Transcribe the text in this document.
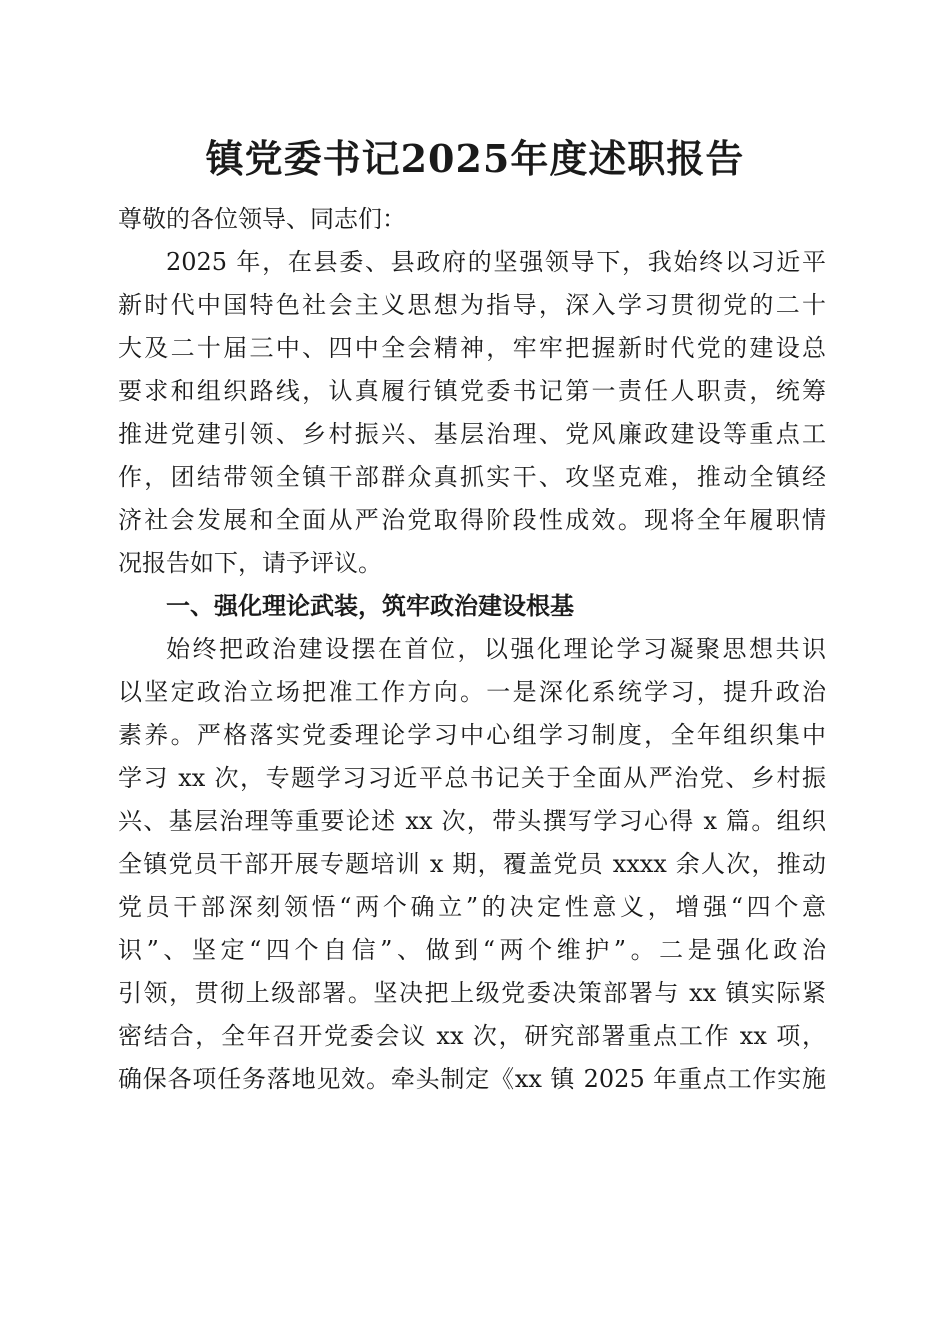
镇党委书记2025年度述职报告
尊敬的各位领导、同志们：
2025 年，在县委、县政府的坚强领导下，我始终以习近平
新时代中国特色社会主义思想为指导，深入学习贯彻党的二十
大及二十届三中、四中全会精神，牢牢把握新时代党的建设总
要求和组织路线，认真履行镇党委书记第一责任人职责，统筹
推进党建引领、乡村振兴、基层治理、党风廉政建设等重点工
作，团结带领全镇干部群众真抓实干、攻坚克难，推动全镇经
济社会发展和全面从严治党取得阶段性成效。现将全年履职情
况报告如下，请予评议。
一、强化理论武装，筑牢政治建设根基
始终把政治建设摆在首位，以强化理论学习凝聚思想共识
以坚定政治立场把准工作方向。一是深化系统学习，提升政治
素养。严格落实党委理论学习中心组学习制度，全年组织集中
学习 xx 次，专题学习习近平总书记关于全面从严治党、乡村振
兴、基层治理等重要论述 xx 次，带头撰写学习心得 x 篇。组织
全镇党员干部开展专题培训 x 期，覆盖党员 xxxx 余人次，推动
党员干部深刻领悟“两个确立”的决定性意义，增强“四个意
识”、坚定“四个自信”、做到“两个维护”。二是强化政治
引领，贯彻上级部署。坚决把上级党委决策部署与 xx 镇实际紧
密结合，全年召开党委会议 xx 次，研究部署重点工作 xx 项，
确保各项任务落地见效。牵头制定《xx 镇 2025 年重点工作实施
